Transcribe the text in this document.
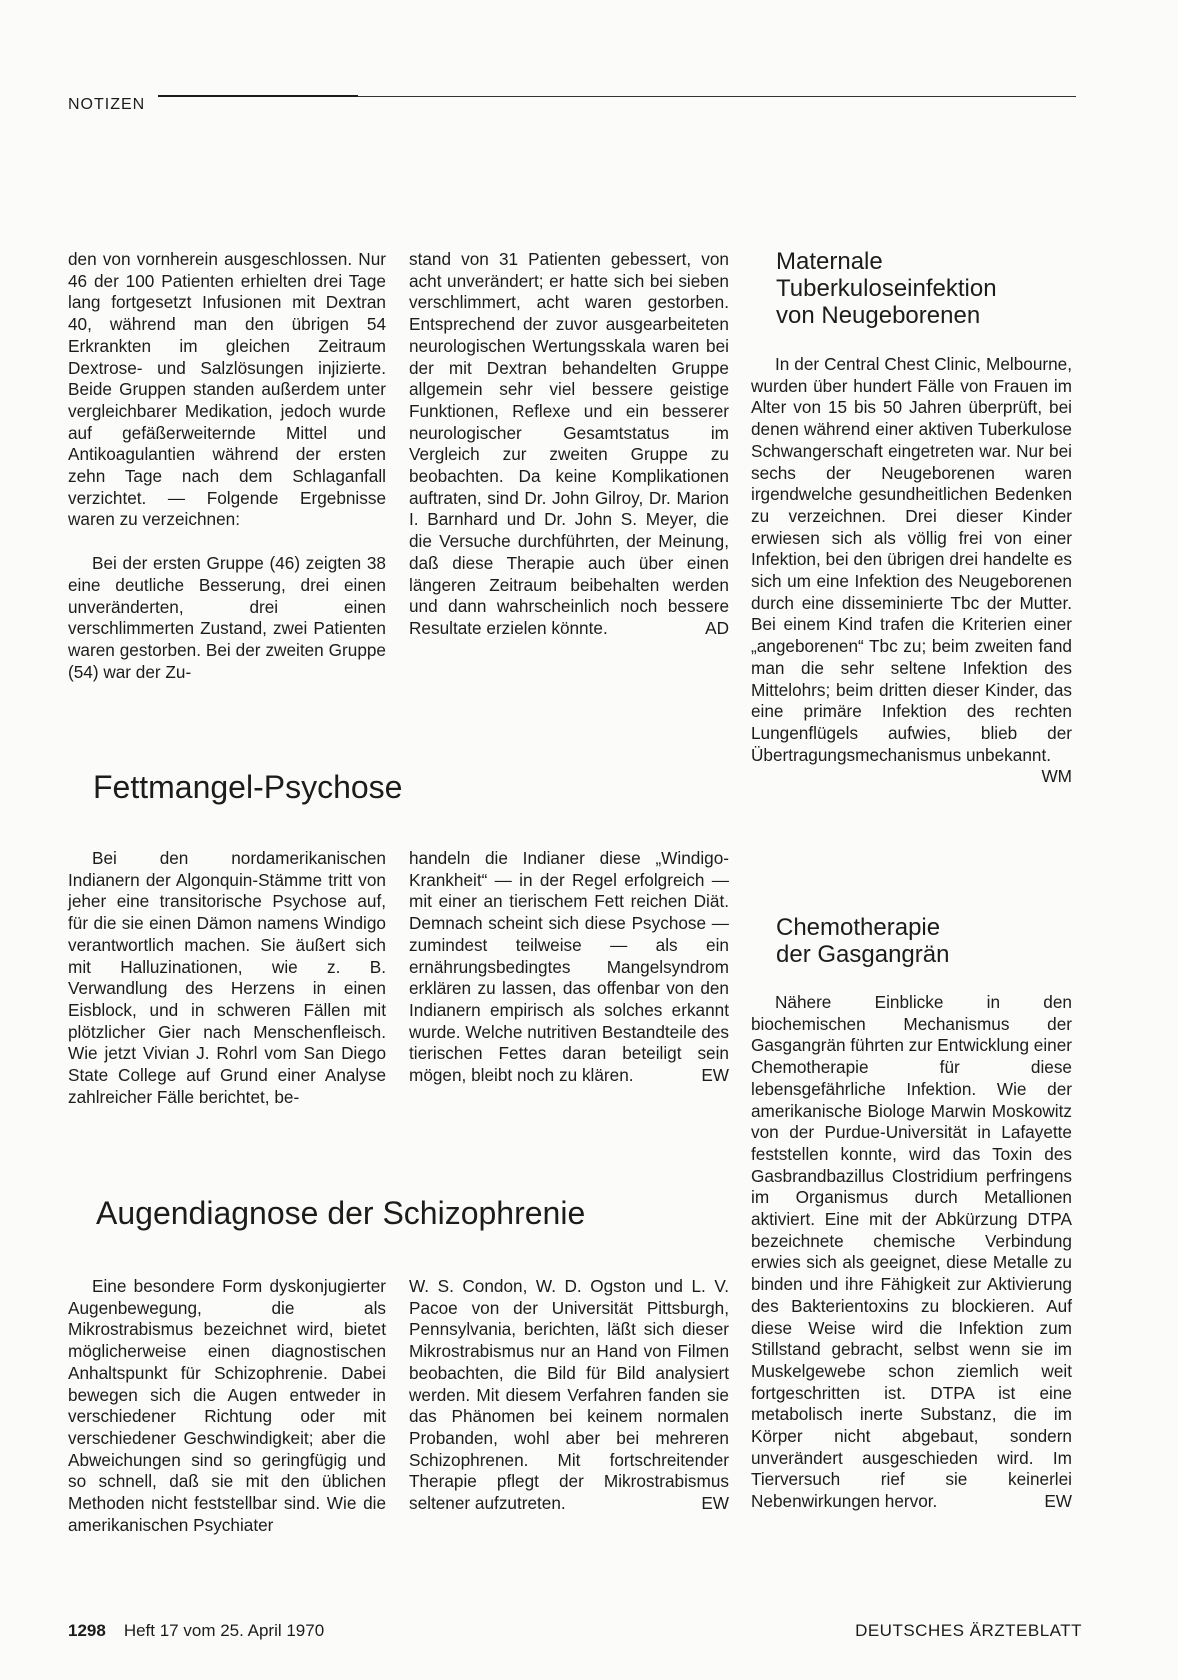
NOTIZEN

den von vornherein ausgeschlossen. Nur 46 der 100 Patienten erhielten drei Tage lang fortgesetzt Infusionen mit Dextran 40, während man den übrigen 54 Erkrankten im gleichen Zeitraum Dextrose- und Salzlösungen injizierte. Beide Gruppen standen außerdem unter vergleichbarer Medikation, jedoch wurde auf gefäßerweiternde Mittel und Antikoagulantien während der ersten zehn Tage nach dem Schlaganfall verzichtet. — Folgende Ergebnisse waren zu verzeichnen:

Bei der ersten Gruppe (46) zeigten 38 eine deutliche Besserung, drei einen unveränderten, drei einen verschlimmerten Zustand, zwei Patienten waren gestorben. Bei der zweiten Gruppe (54) war der Zu-

stand von 31 Patienten gebessert, von acht unverändert; er hatte sich bei sieben verschlimmert, acht waren gestorben. Entsprechend der zuvor ausgearbeiteten neurologischen Wertungsskala waren bei der mit Dextran behandelten Gruppe allgemein sehr viel bessere geistige Funktionen, Reflexe und ein besserer neurologischer Gesamtstatus im Vergleich zur zweiten Gruppe zu beobachten. Da keine Komplikationen auftraten, sind Dr. John Gilroy, Dr. Marion I. Barnhard und Dr. John S. Meyer, die die Versuche durchführten, der Meinung, daß diese Therapie auch über einen längeren Zeitraum beibehalten werden und dann wahrscheinlich noch bessere Resultate erzielen könnte.	AD

Fettmangel-Psychose

Bei den nordamerikanischen Indianern der Algonquin-Stämme tritt von jeher eine transitorische Psychose auf, für die sie einen Dämon namens Windigo verantwortlich machen. Sie äußert sich mit Halluzinationen, wie z. B. Verwandlung des Herzens in einen Eisblock, und in schweren Fällen mit plötzlicher Gier nach Menschenfleisch. Wie jetzt Vivian J. Rohrl vom San Diego State College auf Grund einer Analyse zahlreicher Fälle berichtet, be-

handeln die Indianer diese „Windigo-Krankheit“ — in der Regel erfolgreich — mit einer an tierischem Fett reichen Diät. Demnach scheint sich diese Psychose — zumindest teilweise — als ein ernährungsbedingtes Mangelsyndrom erklären zu lassen, das offenbar von den Indianern empirisch als solches erkannt wurde. Welche nutritiven Bestandteile des tierischen Fettes daran beteiligt sein mögen, bleibt noch zu klären.	EW

Augendiagnose der Schizophrenie

Eine besondere Form dyskonjugierter Augenbewegung, die als Mikrostrabismus bezeichnet wird, bietet möglicherweise einen diagnostischen Anhaltspunkt für Schizophrenie. Dabei bewegen sich die Augen entweder in verschiedener Richtung oder mit verschiedener Geschwindigkeit; aber die Abweichungen sind so geringfügig und so schnell, daß sie mit den üblichen Methoden nicht feststellbar sind. Wie die amerikanischen Psychiater

W. S. Condon, W. D. Ogston und L. V. Pacoe von der Universität Pittsburgh, Pennsylvania, berichten, läßt sich dieser Mikrostrabismus nur an Hand von Filmen beobachten, die Bild für Bild analysiert werden. Mit diesem Verfahren fanden sie das Phänomen bei keinem normalen Probanden, wohl aber bei mehreren Schizophrenen. Mit fortschreitender Therapie pflegt der Mikrostrabismus seltener aufzutreten.	EW

Maternale
Tuberkuloseinfektion
von Neugeborenen

In der Central Chest Clinic, Melbourne, wurden über hundert Fälle von Frauen im Alter von 15 bis 50 Jahren überprüft, bei denen während einer aktiven Tuberkulose Schwangerschaft eingetreten war. Nur bei sechs der Neugeborenen waren irgendwelche gesundheitlichen Bedenken zu verzeichnen. Drei dieser Kinder erwiesen sich als völlig frei von einer Infektion, bei den übrigen drei handelte es sich um eine Infektion des Neugeborenen durch eine disseminierte Tbc der Mutter. Bei einem Kind trafen die Kriterien einer „angeborenen“ Tbc zu; beim zweiten fand man die sehr seltene Infektion des Mittelohrs; beim dritten dieser Kinder, das eine primäre Infektion des rechten Lungenflügels aufwies, blieb der Übertragungsmechanismus unbekannt.
WM

Chemotherapie
der Gasgangrän

Nähere Einblicke in den biochemischen Mechanismus der Gasgangrän führten zur Entwicklung einer Chemotherapie für diese lebensgefährliche Infektion. Wie der amerikanische Biologe Marwin Moskowitz von der Purdue-Universität in Lafayette feststellen konnte, wird das Toxin des Gasbrandbazillus Clostridium perfringens im Organismus durch Metallionen aktiviert. Eine mit der Abkürzung DTPA bezeichnete chemische Verbindung erwies sich als geeignet, diese Metalle zu binden und ihre Fähigkeit zur Aktivierung des Bakterientoxins zu blockieren. Auf diese Weise wird die Infektion zum Stillstand gebracht, selbst wenn sie im Muskelgewebe schon ziemlich weit fortgeschritten ist. DTPA ist eine metabolisch inerte Substanz, die im Körper nicht abgebaut, sondern unverändert ausgeschieden wird. Im Tierversuch rief sie keinerlei Nebenwirkungen hervor.	EW

1298 Heft 17 vom 25. April 1970	DEUTSCHES ÄRZTEBLATT
